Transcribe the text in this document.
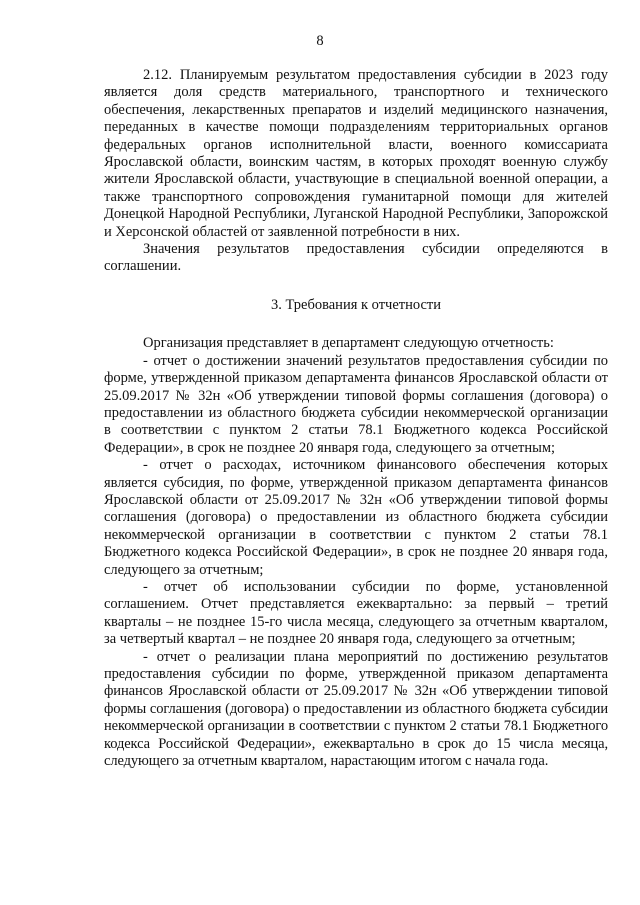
8

2.12. Планируемым результатом предоставления субсидии в 2023 году является доля средств материального, транспортного и технического обеспечения, лекарственных препаратов и изделий медицинского назначения, переданных в качестве помощи подразделениям территориальных органов федеральных органов исполнительной власти, военного комиссариата Ярославской области, воинским частям, в которых проходят военную службу жители Ярославской области, участвующие в специальной военной операции, а также транспортного сопровождения гуманитарной помощи для жителей Донецкой Народной Республики, Луганской Народной Республики, Запорожской и Херсонской областей от заявленной потребности в них.

Значения результатов предоставления субсидии определяются в соглашении.

3. Требования к отчетности

Организация представляет в департамент следующую отчетность:

- отчет о достижении значений результатов предоставления субсидии по форме, утвержденной приказом департамента финансов Ярославской области от 25.09.2017 № 32н «Об утверждении типовой формы соглашения (договора) о предоставлении из областного бюджета субсидии некоммерческой организации в соответствии с пунктом 2 статьи 78.1 Бюджетного кодекса Российской Федерации», в срок не позднее 20 января года, следующего за отчетным;

- отчет о расходах, источником финансового обеспечения которых является субсидия, по форме, утвержденной приказом департамента финансов Ярославской области от 25.09.2017 № 32н «Об утверждении типовой формы соглашения (договора) о предоставлении из областного бюджета субсидии некоммерческой организации в соответствии с пунктом 2 статьи 78.1 Бюджетного кодекса Российской Федерации», в срок не позднее 20 января года, следующего за отчетным;

- отчет об использовании субсидии по форме, установленной соглашением. Отчет представляется ежеквартально: за первый – третий кварталы – не позднее 15-го числа месяца, следующего за отчетным кварталом, за четвертый квартал – не позднее 20 января года, следующего за отчетным;

- отчет о реализации плана мероприятий по достижению результатов предоставления субсидии по форме, утвержденной приказом департамента финансов Ярославской области от 25.09.2017 № 32н «Об утверждении типовой формы соглашения (договора) о предоставлении из областного бюджета субсидии некоммерческой организации в соответствии с пунктом 2 статьи 78.1 Бюджетного кодекса Российской Федерации», ежеквартально в срок до 15 числа месяца, следующего за отчетным кварталом, нарастающим итогом с начала года.
